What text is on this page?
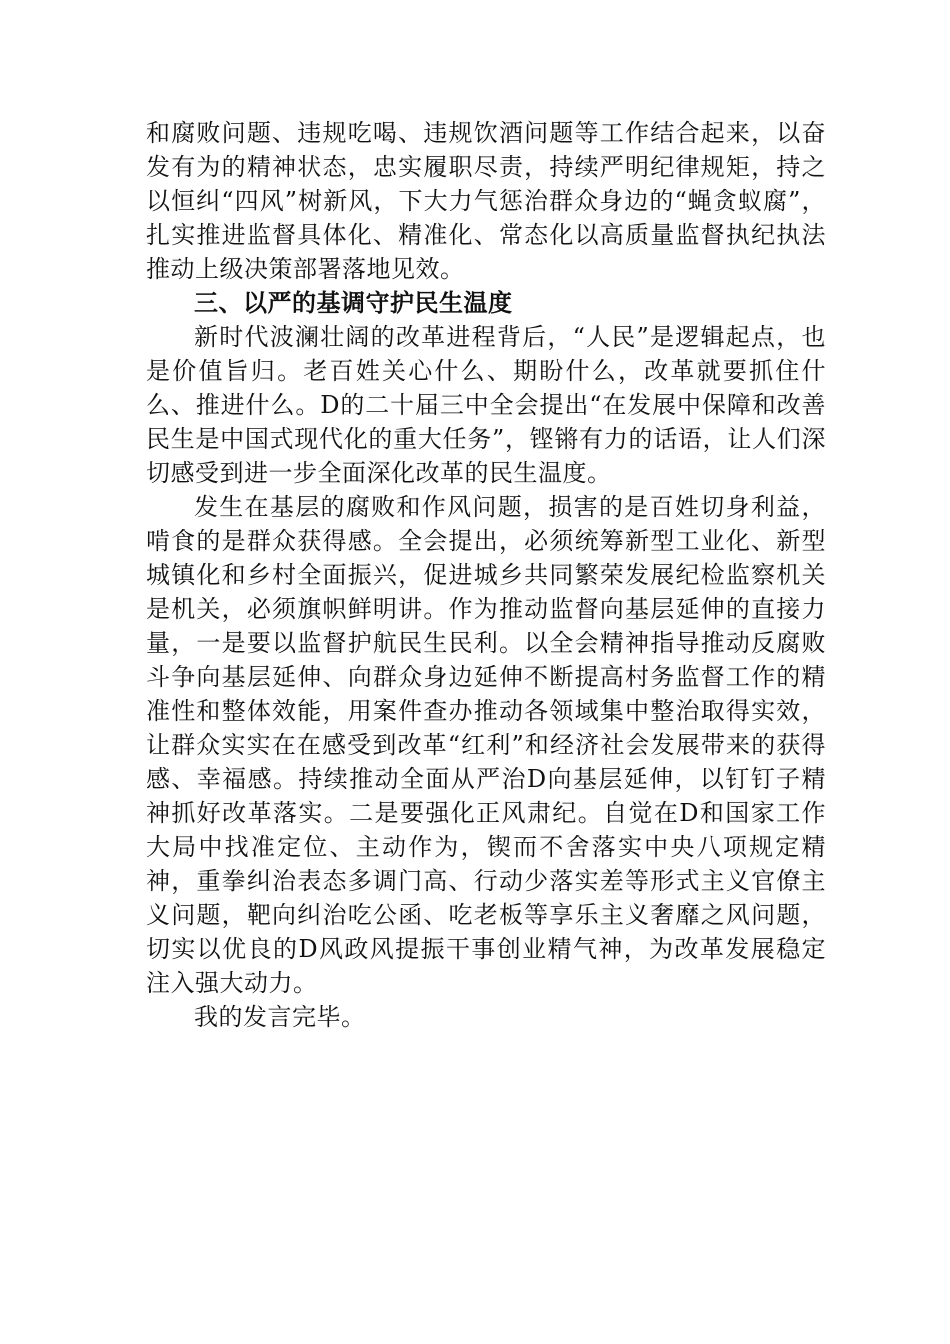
和腐败问题、违规吃喝、违规饮酒问题等工作结合起来，以奋发有为的精神状态，忠实履职尽责，持续严明纪律规矩，持之以恒纠“四风”树新风，下大力气惩治群众身边的“蝇贪蚁腐”，扎实推进监督具体化、精准化、常态化以高质量监督执纪执法推动上级决策部署落地见效。

三、以严的基调守护民生温度

新时代波澜壮阔的改革进程背后，“人民”是逻辑起点，也是价值旨归。老百姓关心什么、期盼什么，改革就要抓住什么、推进什么。D的二十届三中全会提出“在发展中保障和改善民生是中国式现代化的重大任务”，铿锵有力的话语，让人们深切感受到进一步全面深化改革的民生温度。

发生在基层的腐败和作风问题，损害的是百姓切身利益，啃食的是群众获得感。全会提出，必须统筹新型工业化、新型城镇化和乡村全面振兴，促进城乡共同繁荣发展纪检监察机关是机关，必须旗帜鲜明讲。作为推动监督向基层延伸的直接力量，一是要以监督护航民生民利。以全会精神指导推动反腐败斗争向基层延伸、向群众身边延伸不断提高村务监督工作的精准性和整体效能，用案件查办推动各领域集中整治取得实效，让群众实实在在感受到改革“红利”和经济社会发展带来的获得感、幸福感。持续推动全面从严治D向基层延伸，以钉钉子精神抓好改革落实。二是要强化正风肃纪。自觉在D和国家工作大局中找准定位、主动作为，锲而不舍落实中央八项规定精神，重拳纠治表态多调门高、行动少落实差等形式主义官僚主义问题，靶向纠治吃公函、吃老板等享乐主义奢靡之风问题，切实以优良的D风政风提振干事创业精气神，为改革发展稳定注入强大动力。

我的发言完毕。
